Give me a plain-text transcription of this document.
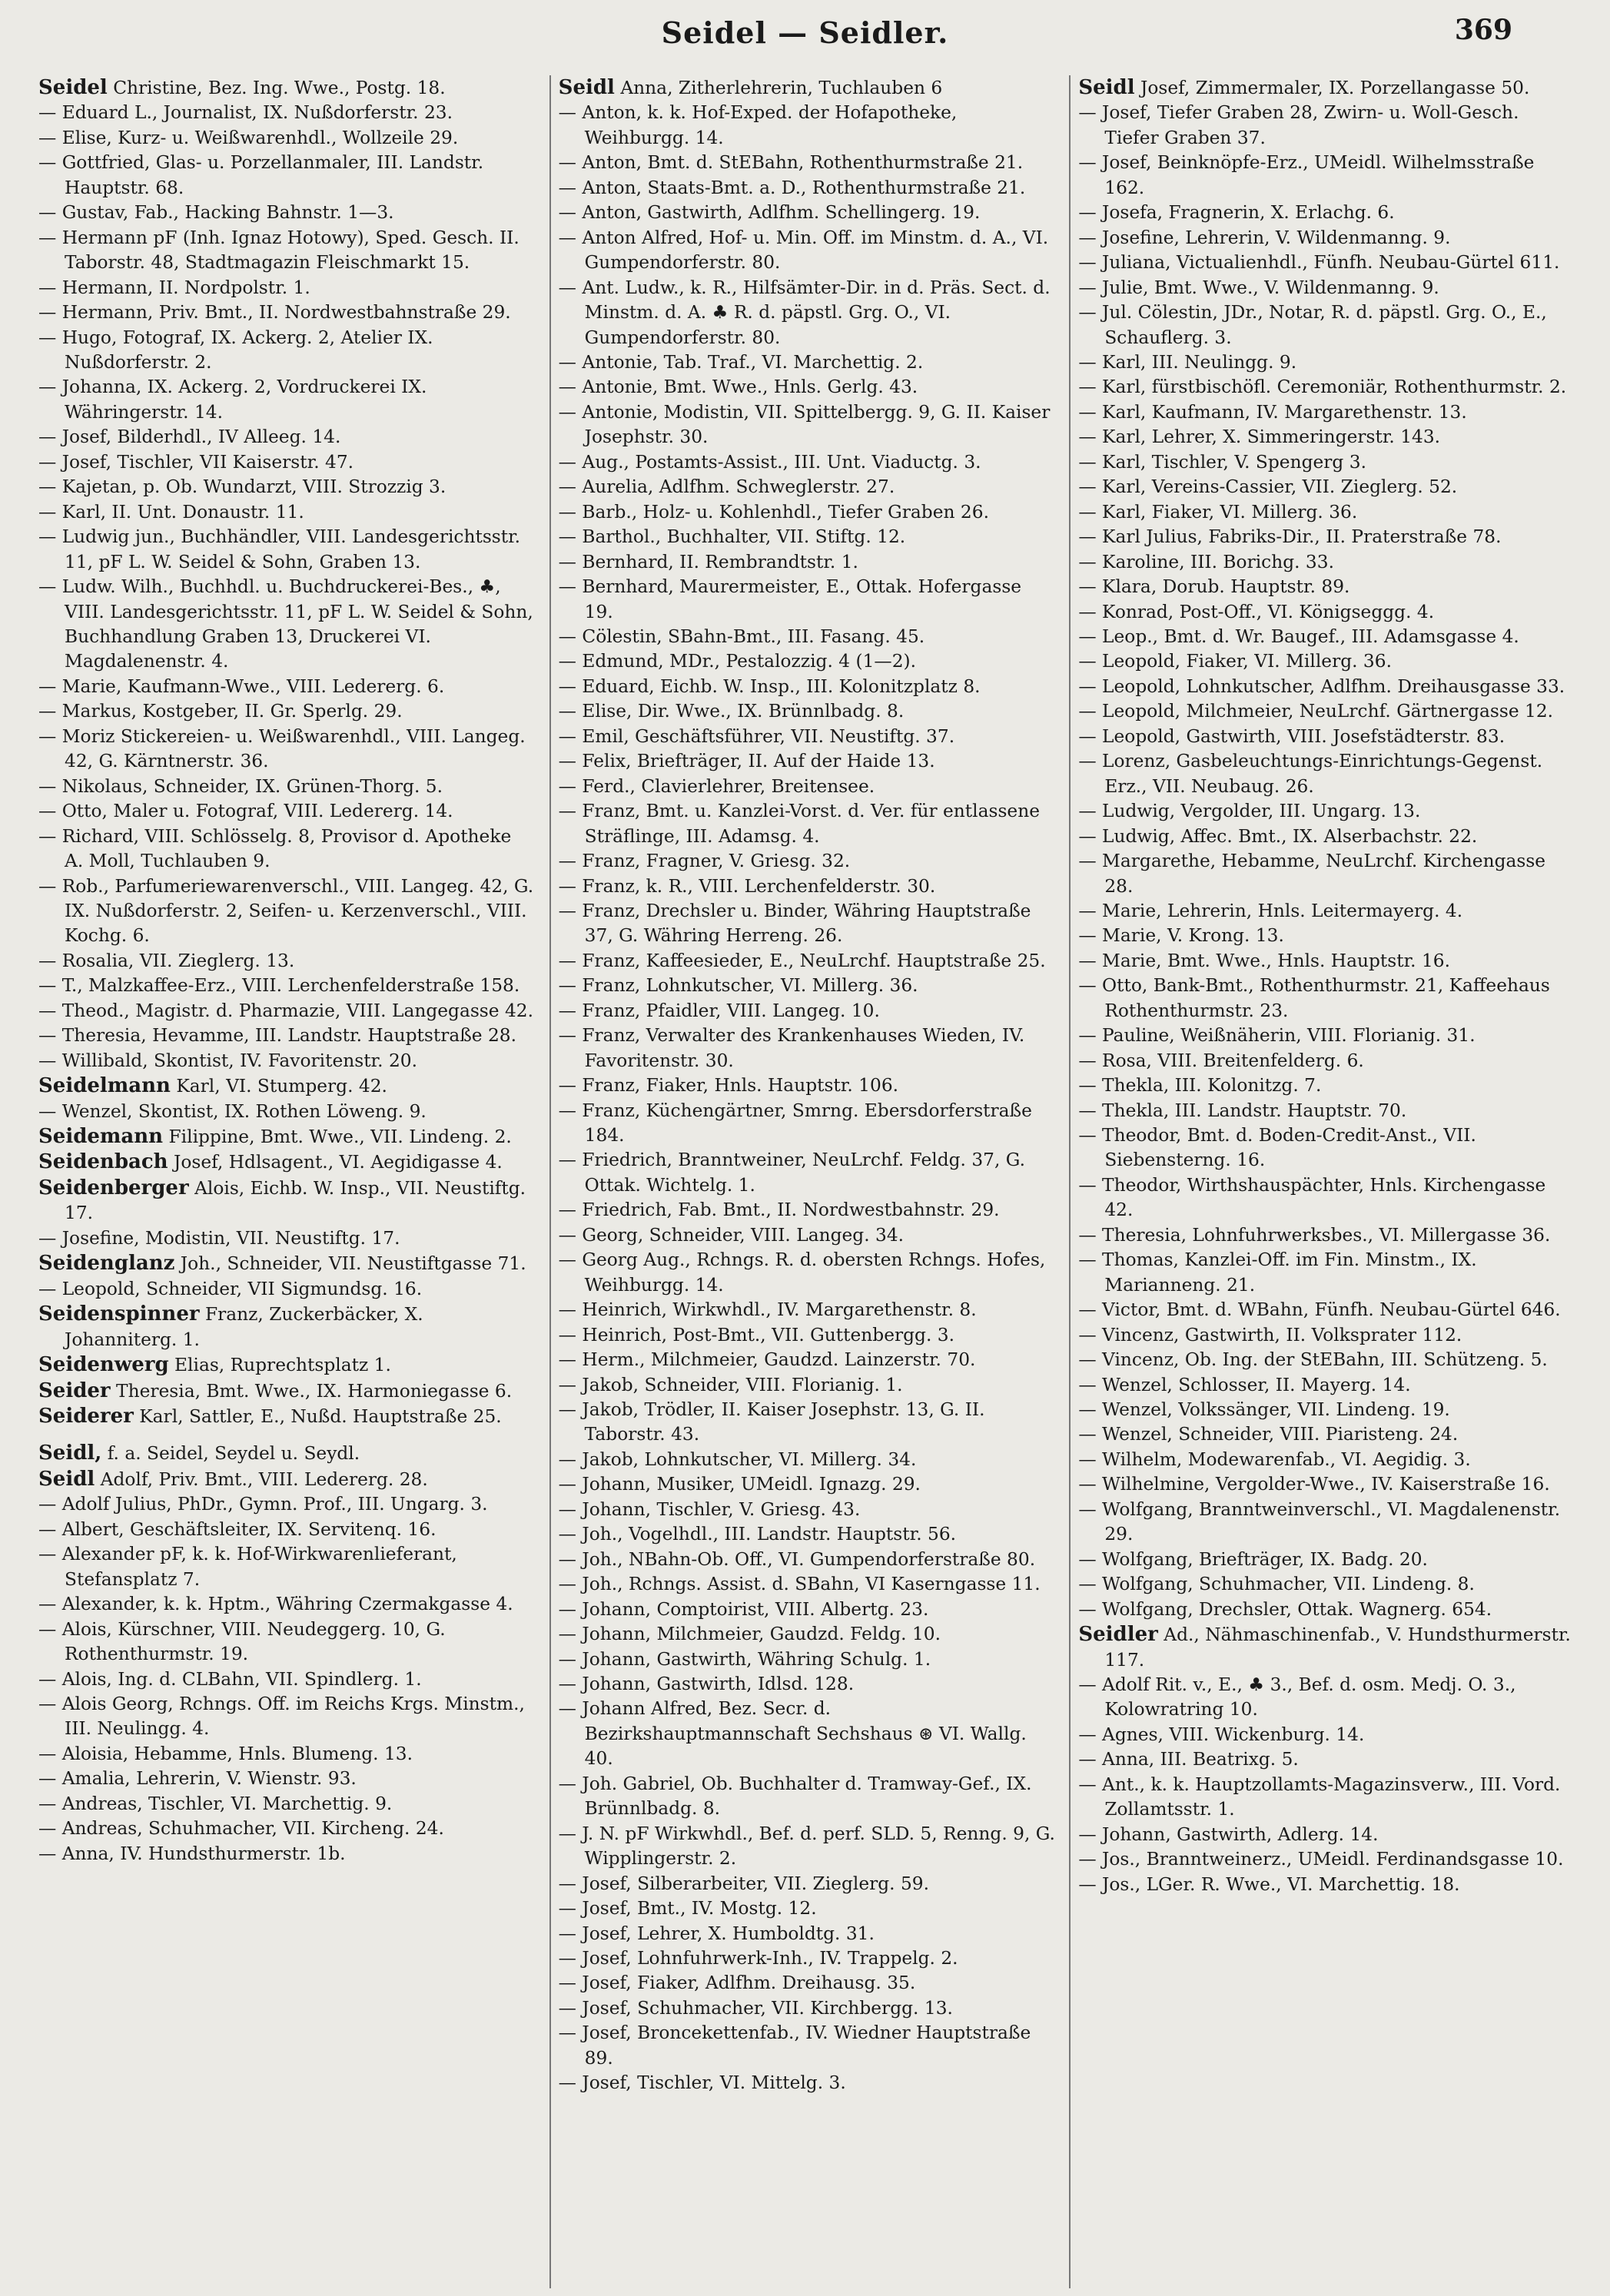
Seidel — Seidler.	369
Seidel Christine, Bez. Ing. Wwe., Postg. 18.
— Eduard L., Journalist, IX. Nußdorferstr. 23.
— Elise, Kurz- u. Weißwarenhdl., Wollzeile 29.
— Gottfried, Glas- u. Porzellanmaler, III. Landstr. Hauptstr. 68.
— Gustav, Fab., Hacking Bahnstr. 1—3.
— Hermann pF (Inh. Ignaz Hotowy), Sped. Gesch. II. Taborstr. 48, Stadtmagazin Fleischmarkt 15.
— Hermann, II. Nordpolstr. 1.
— Hermann, Priv. Bmt., II. Nordwestbahnstraße 29.
— Hugo, Fotograf, IX. Ackerg. 2, Atelier IX. Nußdorferstr. 2.
— Johanna, IX. Ackerg. 2, Vordruckerei IX. Währingerstr. 14.
— Josef, Bilderhdl., IV Alleeg. 14.
— Josef, Tischler, VII Kaiserstr. 47.
— Kajetan, p. Ob. Wundarzt, VIII. Strozzig 3.
— Karl, II. Unt. Donaustr. 11.
— Ludwig jun., Buchhändler, VIII. Landesgerichtsstr. 11, pF L. W. Seidel & Sohn, Graben 13.
— Ludw. Wilh., Buchhdl. u. Buchdruckerei-Bes., ♣, VIII. Landesgerichtsstr. 11, pF L. W. Seidel & Sohn, Buchhandlung Graben 13, Druckerei VI. Magdalenenstr. 4.
— Marie, Kaufmann-Wwe., VIII. Ledererg. 6.
— Markus, Kostgeber, II. Gr. Sperlg. 29.
— Moriz Stickereien- u. Weißwarenhdl., VIII. Langeg. 42, G. Kärntnerstr. 36.
— Nikolaus, Schneider, IX. Grünen-Thorg. 5.
— Otto, Maler u. Fotograf, VIII. Ledererg. 14.
— Richard, VIII. Schlösselg. 8, Provisor d. Apotheke A. Moll, Tuchlauben 9.
— Rob., Parfumeriewarenverschl., VIII. Langeg. 42, G. IX. Nußdorferstr. 2, Seifen- u. Kerzenverschl., VIII. Kochg. 6.
— Rosalia, VII. Zieglerg. 13.
— T., Malzkaffee-Erz., VIII. Lerchenfelderstraße 158.
— Theod., Magistr. d. Pharmazie, VIII. Langegasse 42.
— Theresia, Hevamme, III. Landstr. Hauptstraße 28.
— Willibald, Skontist, IV. Favoritenstr. 20.
Seidelmann Karl, VI. Stumperg. 42.
— Wenzel, Skontist, IX. Rothen Löweng. 9.
Seidemann Filippine, Bmt. Wwe., VII. Lindeng. 2.
Seidenbach Josef, Hdlsagent., VI. Aegidigasse 4.
Seidenberger Alois, Eichb. W. Insp., VII. Neustiftg. 17.
— Josefine, Modistin, VII. Neustiftg. 17.
Seidenglanz Joh., Schneider, VII. Neustiftgasse 71.
— Leopold, Schneider, VII Sigmundsg. 16.
Seidenspinner Franz, Zuckerbäcker, X. Johanniterg. 1.
Seidenwerg Elias, Ruprechtsplatz 1.
Seider Theresia, Bmt. Wwe., IX. Harmoniegasse 6.
Seiderer Karl, Sattler, E., Nußd. Hauptstraße 25.
Seidl, f. a. Seidel, Seydel u. Seydl.
Seidl Adolf, Priv. Bmt., VIII. Ledererg. 28.
— Adolf Julius, PhDr., Gymn. Prof., III. Ungarg. 3.
— Albert, Geschäftsleiter, IX. Servitenq. 16.
— Alexander pF, k. k. Hof-Wirkwarenlieferant, Stefansplatz 7.
— Alexander, k. k. Hptm., Währing Czermakgasse 4.
— Alois, Kürschner, VIII. Neudeggerg. 10, G. Rothenthurmstr. 19.
— Alois, Ing. d. CLBahn, VII. Spindlerg. 1.
— Alois Georg, Rchngs. Off. im Reichs Krgs. Minstm., III. Neulingg. 4.
— Aloisia, Hebamme, Hnls. Blumeng. 13.
— Amalia, Lehrerin, V. Wienstr. 93.
— Andreas, Tischler, VI. Marchettig. 9.
— Andreas, Schuhmacher, VII. Kircheng. 24.
— Anna, IV. Hundsthurmerstr. 1b.
Seidl Anna, Zitherlehrerin, Tuchlauben 6
— Anton, k. k. Hof-Exped. der Hofapotheke, Weihburgg. 14.
— Anton, Bmt. d. StEBahn, Rothenthurmstraße 21.
— Anton, Staats-Bmt. a. D., Rothenthurmstraße 21.
— Anton, Gastwirth, Adlfhm. Schellingerg. 19.
— Anton Alfred, Hof- u. Min. Off. im Minstm. d. A., VI. Gumpendorferstr. 80.
— Ant. Ludw., k. R., Hilfsämter-Dir. in d. Präs. Sect. d. Minstm. d. A. ♣ R. d. päpstl. Grg. O., VI. Gumpendorferstr. 80.
— Antonie, Tab. Traf., VI. Marchettig. 2.
— Antonie, Bmt. Wwe., Hnls. Gerlg. 43.
— Antonie, Modistin, VII. Spittelbergg. 9, G. II. Kaiser Josephstr. 30.
— Aug., Postamts-Assist., III. Unt. Viaductg. 3.
— Aurelia, Adlfhm. Schweglerstr. 27.
— Barb., Holz- u. Kohlenhdl., Tiefer Graben 26.
— Barthol., Buchhalter, VII. Stiftg. 12.
— Bernhard, II. Rembrandtstr. 1.
— Bernhard, Maurermeister, E., Ottak. Hofergasse 19.
— Cölestin, SBahn-Bmt., III. Fasang. 45.
— Edmund, MDr., Pestalozzig. 4 (1—2).
— Eduard, Eichb. W. Insp., III. Kolonitzplatz 8.
— Elise, Dir. Wwe., IX. Brünnlbadg. 8.
— Emil, Geschäftsführer, VII. Neustiftg. 37.
— Felix, Briefträger, II. Auf der Haide 13.
— Ferd., Clavierlehrer, Breitensee.
— Franz, Bmt. u. Kanzlei-Vorst. d. Ver. für entlassene Sträflinge, III. Adamsg. 4.
— Franz, Fragner, V. Griesg. 32.
— Franz, k. R., VIII. Lerchenfelderstr. 30.
— Franz, Drechsler u. Binder, Währing Hauptstraße 37, G. Währing Herreng. 26.
— Franz, Kaffeesieder, E., NeuLrchf. Hauptstraße 25.
— Franz, Lohnkutscher, VI. Millerg. 36.
— Franz, Pfaidler, VIII. Langeg. 10.
— Franz, Verwalter des Krankenhauses Wieden, IV. Favoritenstr. 30.
— Franz, Fiaker, Hnls. Hauptstr. 106.
— Franz, Küchengärtner, Smrng. Ebersdorferstraße 184.
— Friedrich, Branntweiner, NeuLrchf. Feldg. 37, G. Ottak. Wichtelg. 1.
— Friedrich, Fab. Bmt., II. Nordwestbahnstr. 29.
— Georg, Schneider, VIII. Langeg. 34.
— Georg Aug., Rchngs. R. d. obersten Rchngs. Hofes, Weihburgg. 14.
— Heinrich, Wirkwhdl., IV. Margarethenstr. 8.
— Heinrich, Post-Bmt., VII. Guttenbergg. 3.
— Herm., Milchmeier, Gaudzd. Lainzerstr. 70.
— Jakob, Schneider, VIII. Florianig. 1.
— Jakob, Trödler, II. Kaiser Josephstr. 13, G. II. Taborstr. 43.
— Jakob, Lohnkutscher, VI. Millerg. 34.
— Johann, Musiker, UMeidl. Ignazg. 29.
— Johann, Tischler, V. Griesg. 43.
— Joh., Vogelhdl., III. Landstr. Hauptstr. 56.
— Joh., NBahn-Ob. Off., VI. Gumpendorferstraße 80.
— Joh., Rchngs. Assist. d. SBahn, VI Kaserngasse 11.
— Johann, Comptoirist, VIII. Albertg. 23.
— Johann, Milchmeier, Gaudzd. Feldg. 10.
— Johann, Gastwirth, Währing Schulg. 1.
— Johann, Gastwirth, Idlsd. 128.
— Johann Alfred, Bez. Secr. d. Bezirkshauptmannschaft Sechshaus ⊛ VI. Wallg. 40.
— Joh. Gabriel, Ob. Buchhalter d. Tramway-Gef., IX. Brünnlbadg. 8.
— J. N. pF Wirkwhdl., Bef. d. perf. SLD. 5, Renng. 9, G. Wipplingerstr. 2.
— Josef, Silberarbeiter, VII. Zieglerg. 59.
— Josef, Bmt., IV. Mostg. 12.
— Josef, Lehrer, X. Humboldtg. 31.
— Josef, Lohnfuhrwerk-Inh., IV. Trappelg. 2.
— Josef, Fiaker, Adlfhm. Dreihausg. 35.
— Josef, Schuhmacher, VII. Kirchbergg. 13.
— Josef, Broncekettenfab., IV. Wiedner Hauptstraße 89.
— Josef, Tischler, VI. Mittelg. 3.
Seidl Josef, Zimmermaler, IX. Porzellangasse 50.
— Josef, Tiefer Graben 28, Zwirn- u. Woll-Gesch. Tiefer Graben 37.
— Josef, Beinknöpfe-Erz., UMeidl. Wilhelmsstraße 162.
— Josefa, Fragnerin, X. Erlachg. 6.
— Josefine, Lehrerin, V. Wildenmanng. 9.
— Juliana, Victualienhdl., Fünfh. Neubau-Gürtel 611.
— Julie, Bmt. Wwe., V. Wildenmanng. 9.
— Jul. Cölestin, JDr., Notar, R. d. päpstl. Grg. O., E., Schauflerg. 3.
— Karl, III. Neulingg. 9.
— Karl, fürstbischöfl. Ceremoniär, Rothenthurmstr. 2.
— Karl, Kaufmann, IV. Margarethenstr. 13.
— Karl, Lehrer, X. Simmeringerstr. 143.
— Karl, Tischler, V. Spengerg 3.
— Karl, Vereins-Cassier, VII. Zieglerg. 52.
— Karl, Fiaker, VI. Millerg. 36.
— Karl Julius, Fabriks-Dir., II. Praterstraße 78.
— Karoline, III. Borichg. 33.
— Klara, Dorub. Hauptstr. 89.
— Konrad, Post-Off., VI. Königseggg. 4.
— Leop., Bmt. d. Wr. Baugef., III. Adamsgasse 4.
— Leopold, Fiaker, VI. Millerg. 36.
— Leopold, Lohnkutscher, Adlfhm. Dreihausgasse 33.
— Leopold, Milchmeier, NeuLrchf. Gärtnergasse 12.
— Leopold, Gastwirth, VIII. Josefstädterstr. 83.
— Lorenz, Gasbeleuchtungs-Einrichtungs-Gegenst. Erz., VII. Neubaug. 26.
— Ludwig, Vergolder, III. Ungarg. 13.
— Ludwig, Affec. Bmt., IX. Alserbachstr. 22.
— Margarethe, Hebamme, NeuLrchf. Kirchengasse 28.
— Marie, Lehrerin, Hnls. Leitermayerg. 4.
— Marie, V. Krong. 13.
— Marie, Bmt. Wwe., Hnls. Hauptstr. 16.
— Otto, Bank-Bmt., Rothenthurmstr. 21, Kaffeehaus Rothenthurmstr. 23.
— Pauline, Weißnäherin, VIII. Florianig. 31.
— Rosa, VIII. Breitenfelderg. 6.
— Thekla, III. Kolonitzg. 7.
— Thekla, III. Landstr. Hauptstr. 70.
— Theodor, Bmt. d. Boden-Credit-Anst., VII. Siebensterng. 16.
— Theodor, Wirthshauspächter, Hnls. Kirchengasse 42.
— Theresia, Lohnfuhrwerksbes., VI. Millergasse 36.
— Thomas, Kanzlei-Off. im Fin. Minstm., IX. Marianneng. 21.
— Victor, Bmt. d. WBahn, Fünfh. Neubau-Gürtel 646.
— Vincenz, Gastwirth, II. Volksprater 112.
— Vincenz, Ob. Ing. der StEBahn, III. Schützeng. 5.
— Wenzel, Schlosser, II. Mayerg. 14.
— Wenzel, Volkssänger, VII. Lindeng. 19.
— Wenzel, Schneider, VIII. Piaristeng. 24.
— Wilhelm, Modewarenfab., VI. Aegidig. 3.
— Wilhelmine, Vergolder-Wwe., IV. Kaiserstraße 16.
— Wolfgang, Branntweinverschl., VI. Magdalenenstr. 29.
— Wolfgang, Briefträger, IX. Badg. 20.
— Wolfgang, Schuhmacher, VII. Lindeng. 8.
— Wolfgang, Drechsler, Ottak. Wagnerg. 654.
Seidler Ad., Nähmaschinenfab., V. Hundsthurmerstr. 117.
— Adolf Rit. v., E., ♣ 3., Bef. d. osm. Medj. O. 3., Kolowratring 10.
— Agnes, VIII. Wickenburg. 14.
— Anna, III. Beatrixg. 5.
— Ant., k. k. Hauptzollamts-Magazinsverw., III. Vord. Zollamtsstr. 1.
— Johann, Gastwirth, Adlerg. 14.
— Jos., Branntweinerz., UMeidl. Ferdinandsgasse 10.
— Jos., LGer. R. Wwe., VI. Marchettig. 18.
